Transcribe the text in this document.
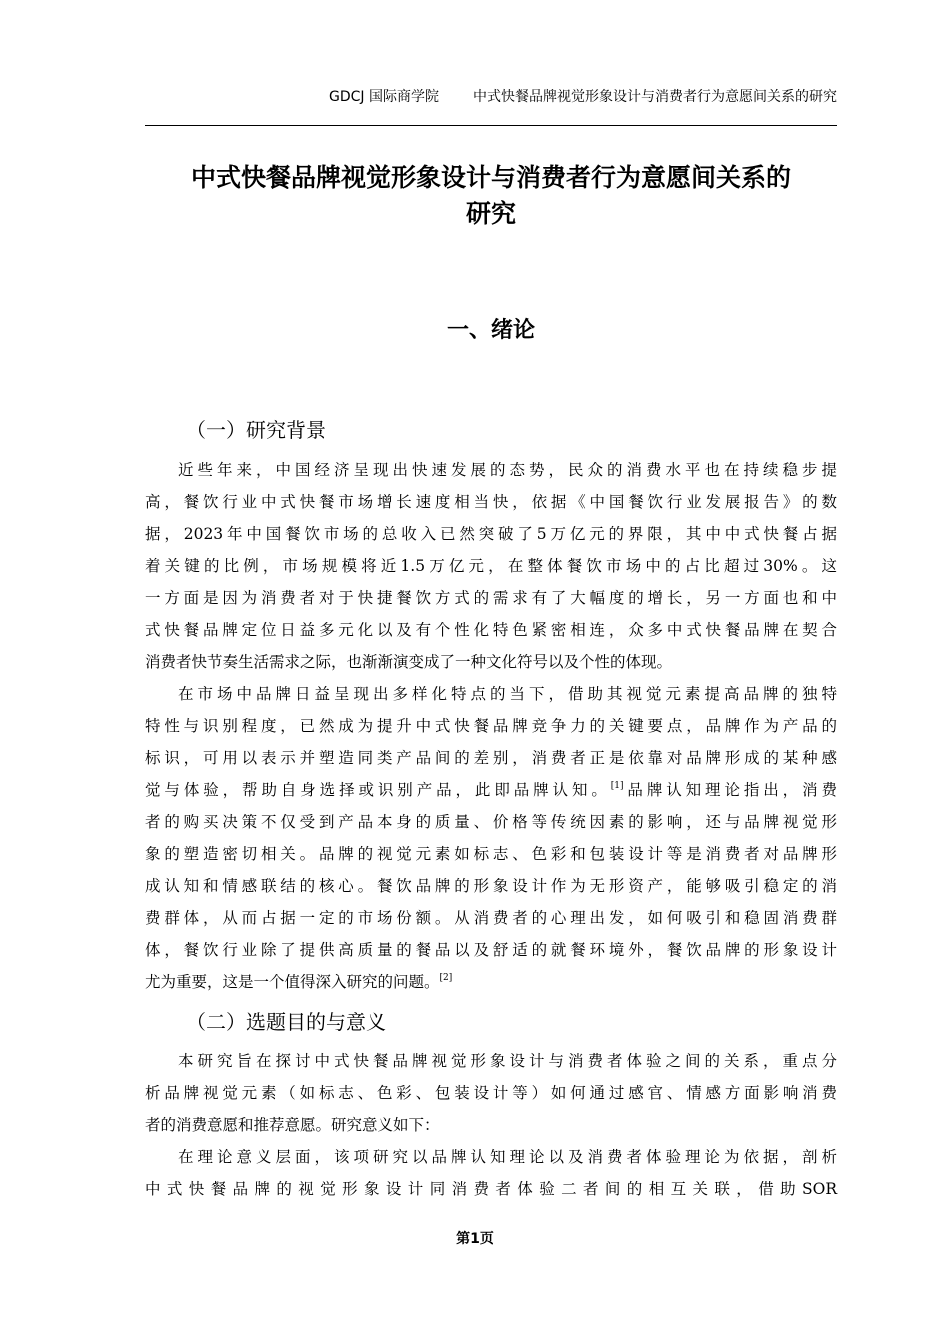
GDCJ 国际商学院 中式快餐品牌视觉形象设计与消费者行为意愿间关系的研究
中式快餐品牌视觉形象设计与消费者行为意愿间关系的
研究
一、绪论
（一）研究背景
近些年来，中国经济呈现出快速发展的态势，民众的消费水平也在持续稳步提
高，餐饮行业中式快餐市场增长速度相当快，依据《中国餐饮行业发展报告》的数
据，2023年中国餐饮市场的总收入已然突破了5万亿元的界限，其中中式快餐占据
着关键的比例，市场规模将近1.5万亿元，在整体餐饮市场中的占比超过30%。这
一方面是因为消费者对于快捷餐饮方式的需求有了大幅度的增长，另一方面也和中
式快餐品牌定位日益多元化以及有个性化特色紧密相连，众多中式快餐品牌在契合
消费者快节奏生活需求之际，也渐渐演变成了一种文化符号以及个性的体现。
在市场中品牌日益呈现出多样化特点的当下，借助其视觉元素提高品牌的独特
特性与识别程度，已然成为提升中式快餐品牌竞争力的关键要点，品牌作为产品的
标识，可用以表示并塑造同类产品间的差别，消费者正是依靠对品牌形成的某种感
觉与体验，帮助自身选择或识别产品，此即品牌认知。[1]品牌认知理论指出，消费
者的购买决策不仅受到产品本身的质量、价格等传统因素的影响，还与品牌视觉形
象的塑造密切相关。品牌的视觉元素如标志、色彩和包装设计等是消费者对品牌形
成认知和情感联结的核心。餐饮品牌的形象设计作为无形资产，能够吸引稳定的消
费群体，从而占据一定的市场份额。从消费者的心理出发，如何吸引和稳固消费群
体，餐饮行业除了提供高质量的餐品以及舒适的就餐环境外，餐饮品牌的形象设计
尤为重要，这是一个值得深入研究的问题。[2]
（二）选题目的与意义
本研究旨在探讨中式快餐品牌视觉形象设计与消费者体验之间的关系，重点分
析品牌视觉元素（如标志、色彩、包装设计等）如何通过感官、情感方面影响消费
者的消费意愿和推荐意愿。研究意义如下：
在理论意义层面，该项研究以品牌认知理论以及消费者体验理论为依据，剖析
中式快餐品牌的视觉形象设计同消费者体验二者间的相互关联，借助SOR
第1页
